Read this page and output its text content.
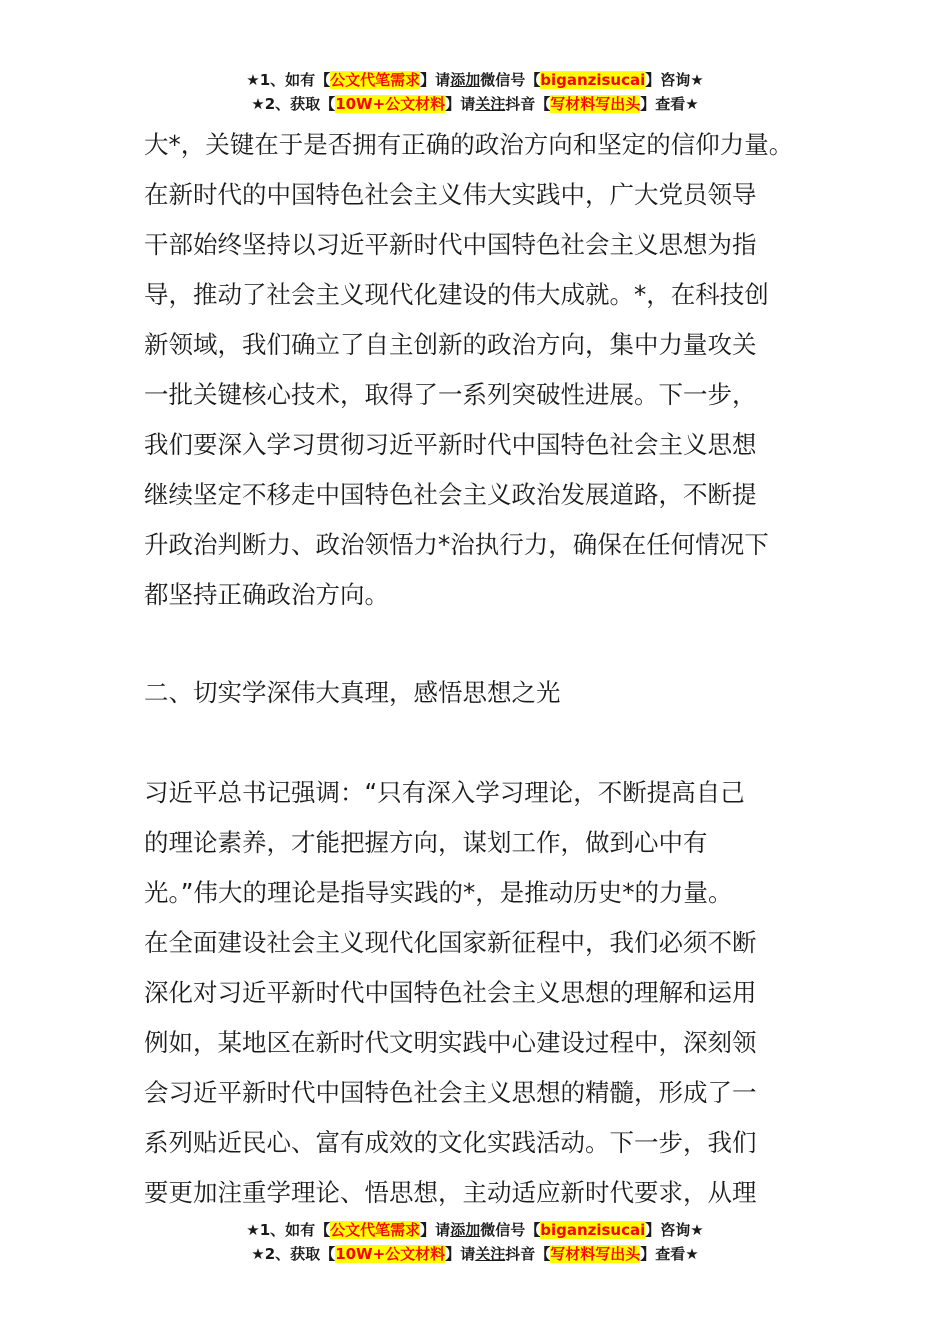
★1、如有【公文代笔需求】请添加微信号【biganzisucai】咨询★
★2、获取【10W+公文材料】请关注抖音【写材料写出头】查看★
大*，关键在于是否拥有正确的政治方向和坚定的信仰力量。
在新时代的中国特色社会主义伟大实践中，广大党员领导
干部始终坚持以习近平新时代中国特色社会主义思想为指
导，推动了社会主义现代化建设的伟大成就。*，在科技创
新领域，我们确立了自主创新的政治方向，集中力量攻关
一批关键核心技术，取得了一系列突破性进展。下一步，
我们要深入学习贯彻习近平新时代中国特色社会主义思想
继续坚定不移走中国特色社会主义政治发展道路，不断提
升政治判断力、政治领悟力*治执行力，确保在任何情况下
都坚持正确政治方向。
二、切实学深伟大真理，感悟思想之光
习近平总书记强调：“只有深入学习理论，不断提高自己
的理论素养，才能把握方向，谋划工作，做到心中有
光。”伟大的理论是指导实践的*，是推动历史*的力量。
在全面建设社会主义现代化国家新征程中，我们必须不断
深化对习近平新时代中国特色社会主义思想的理解和运用
例如，某地区在新时代文明实践中心建设过程中，深刻领
会习近平新时代中国特色社会主义思想的精髓，形成了一
系列贴近民心、富有成效的文化实践活动。下一步，我们
要更加注重学理论、悟思想，主动适应新时代要求，从理
★1、如有【公文代笔需求】请添加微信号【biganzisucai】咨询★
★2、获取【10W+公文材料】请关注抖音【写材料写出头】查看★
